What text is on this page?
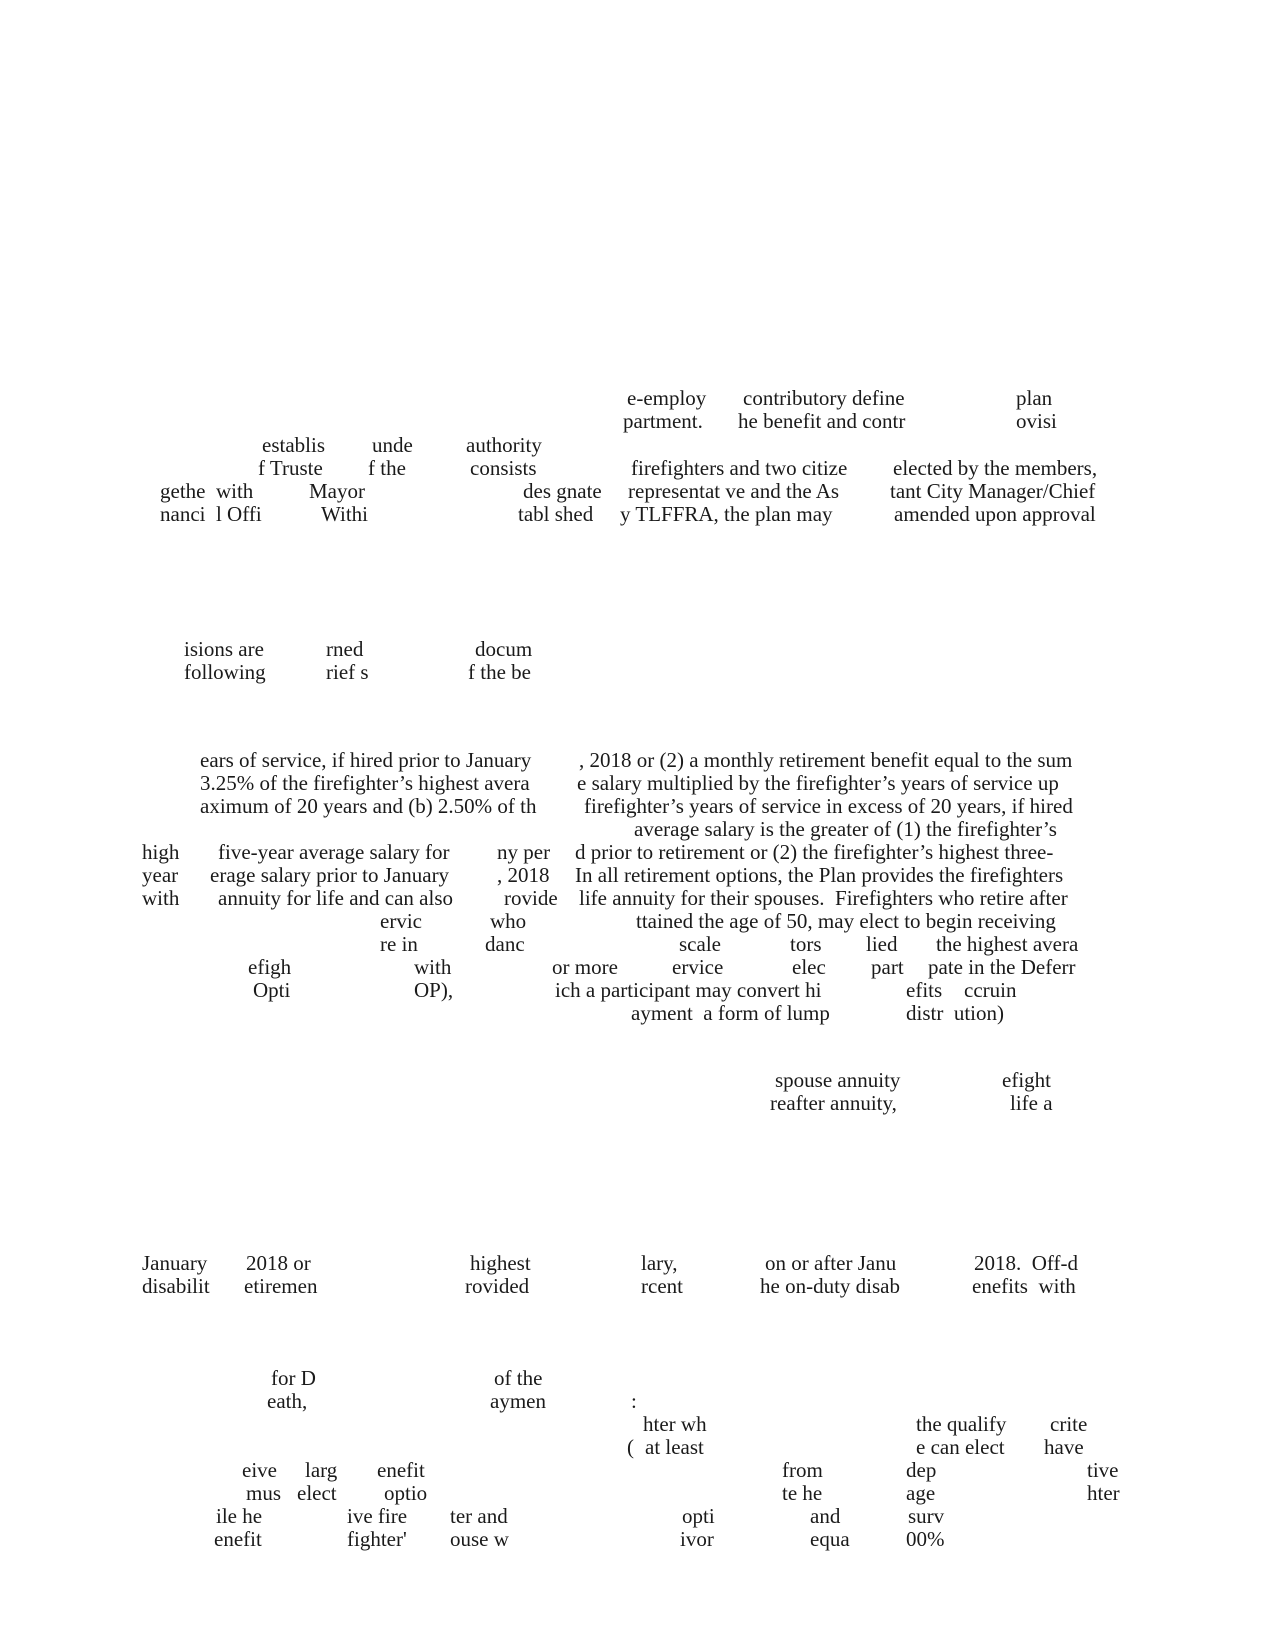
e-employ contributory define	plan
partment. he benefit and contr	ovisi
establis unde	authority
f Truste f the	consists	firefighters and two citize elected by the members,
gethe  with	Mayor	des gnate representat ve and the As tant City Manager/Chief
nanci  l Offi	Withi	tabl shed y TLFFRA, the plan may	amended upon approval
isions are	rned	docum
following	rief s	f the be
ears of service, if hired prior to January , 2018 or (2) a monthly retirement benefit equal to the sum
3.25% of the firefighter’s highest avera e salary multiplied by the firefighter’s years of service up
aximum of 20 years and (b) 2.50% of th firefighter’s years of service in excess of 20 years, if hired
average salary is the greater of (1) the firefighter’s
high five-year average salary for ny per d prior to retirement or (2) the firefighter’s highest three-
year erage salary prior to January , 2018 In all retirement options, the Plan provides the firefighters
with annuity for life and can also rovide life annuity for their spouses.  Firefighters who retire after
ervic	who	ttained the age of 50, may elect to begin receiving
re in	danc	scale	tors lied the highest avera
efigh	with	or more	ervice	elec part pate in the Deferr
Opti	OP),	ich a participant may convert hi	efits ccruin
ayment  a form of lump	distr  ution)
spouse annuity	efight
reafter annuity,	life a
January 2018 or	highest	lary,	on or after Janu	2018.  Off-d
disabilit etiremen	rovided	rcent	he on-duty disab	enefits  with
for D	of the
eath,	aymen	:
hter wh	the qualify crite
( at least	e can elect have
eive larg enefit	from	dep	tive
mus elect optio	te he	age	hter
ile he	ive fire ter and	opti	and	surv
enefit	fighter' ouse w	ivor	equa	00%
